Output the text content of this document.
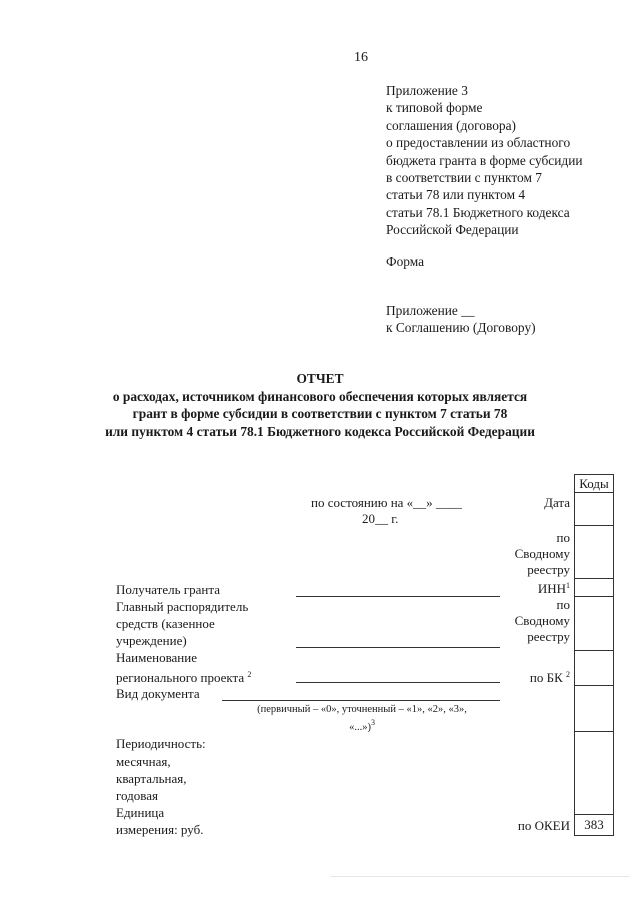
16
Приложение 3
к типовой форме
соглашения (договора)
о предоставлении из областного
бюджета гранта в форме субсидии
в соответствии с пунктом 7
статьи 78 или пунктом 4
статьи 78.1 Бюджетного кодекса
Российской Федерации
Форма
Приложение __
к Соглашению (Договору)
ОТЧЕТ
о расходах, источником финансового обеспечения которых является
грант в форме субсидии в соответствии с пунктом 7 статьи 78
или пунктом 4 статьи 78.1 Бюджетного кодекса Российской Федерации
Коды
383
по состоянию на «__» ____
20__ г.
Дата
по
Сводному
реестру
ИНН$^1$
по
Сводному
реестру
по БК $^2$
по ОКЕИ
Получатель гранта
Главный распорядитель
средств (казенное
учреждение)
Наименование
регионального проекта $^2$
Вид документа
(первичный – «0», уточненный – «1», «2», «3»,
«...»)$^3$
Периодичность:
месячная,
квартальная,
годовая
Единица
измерения: руб.
